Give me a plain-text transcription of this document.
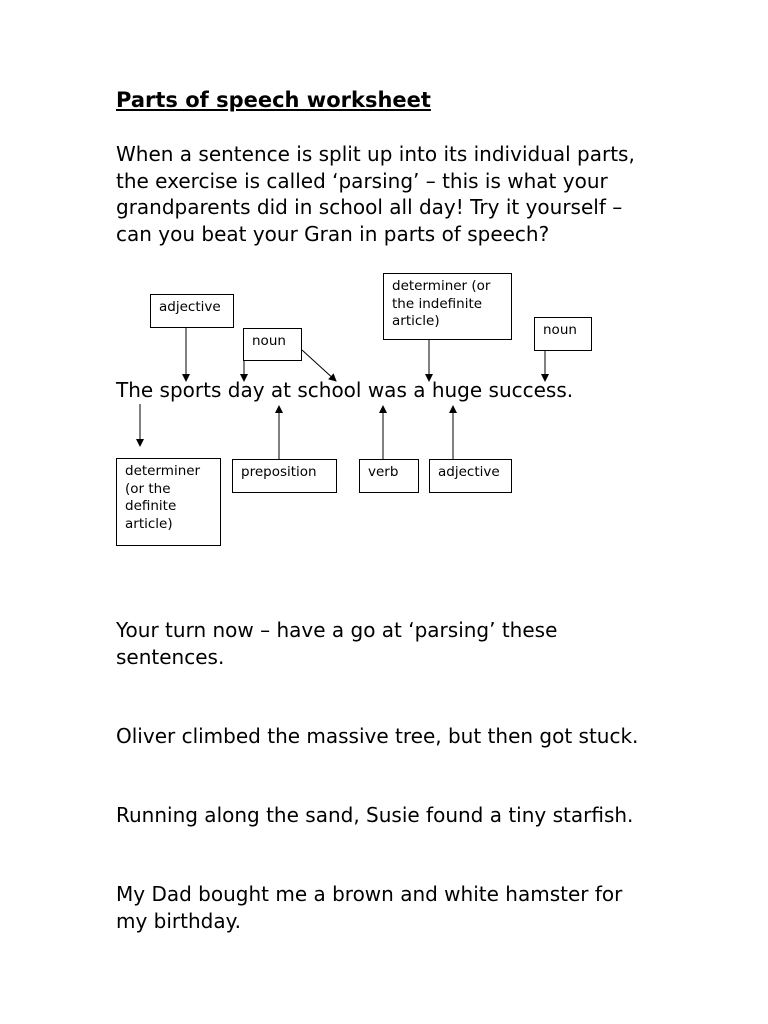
Parts of speech worksheet
When a sentence is split up into its individual parts,
the exercise is called ‘parsing’ – this is what your
grandparents did in school all day! Try it yourself –
can you beat your Gran in parts of speech?
adjective
noun
determiner (or
the indefinite
article)
noun
The sports day at school was a huge success.
determiner
(or the
definite
article)
preposition	verb	adjective
Your turn now – have a go at ‘parsing’ these
sentences.
Oliver climbed the massive tree, but then got stuck.
Running along the sand, Susie found a tiny starfish.
My Dad bought me a brown and white hamster for
my birthday.
